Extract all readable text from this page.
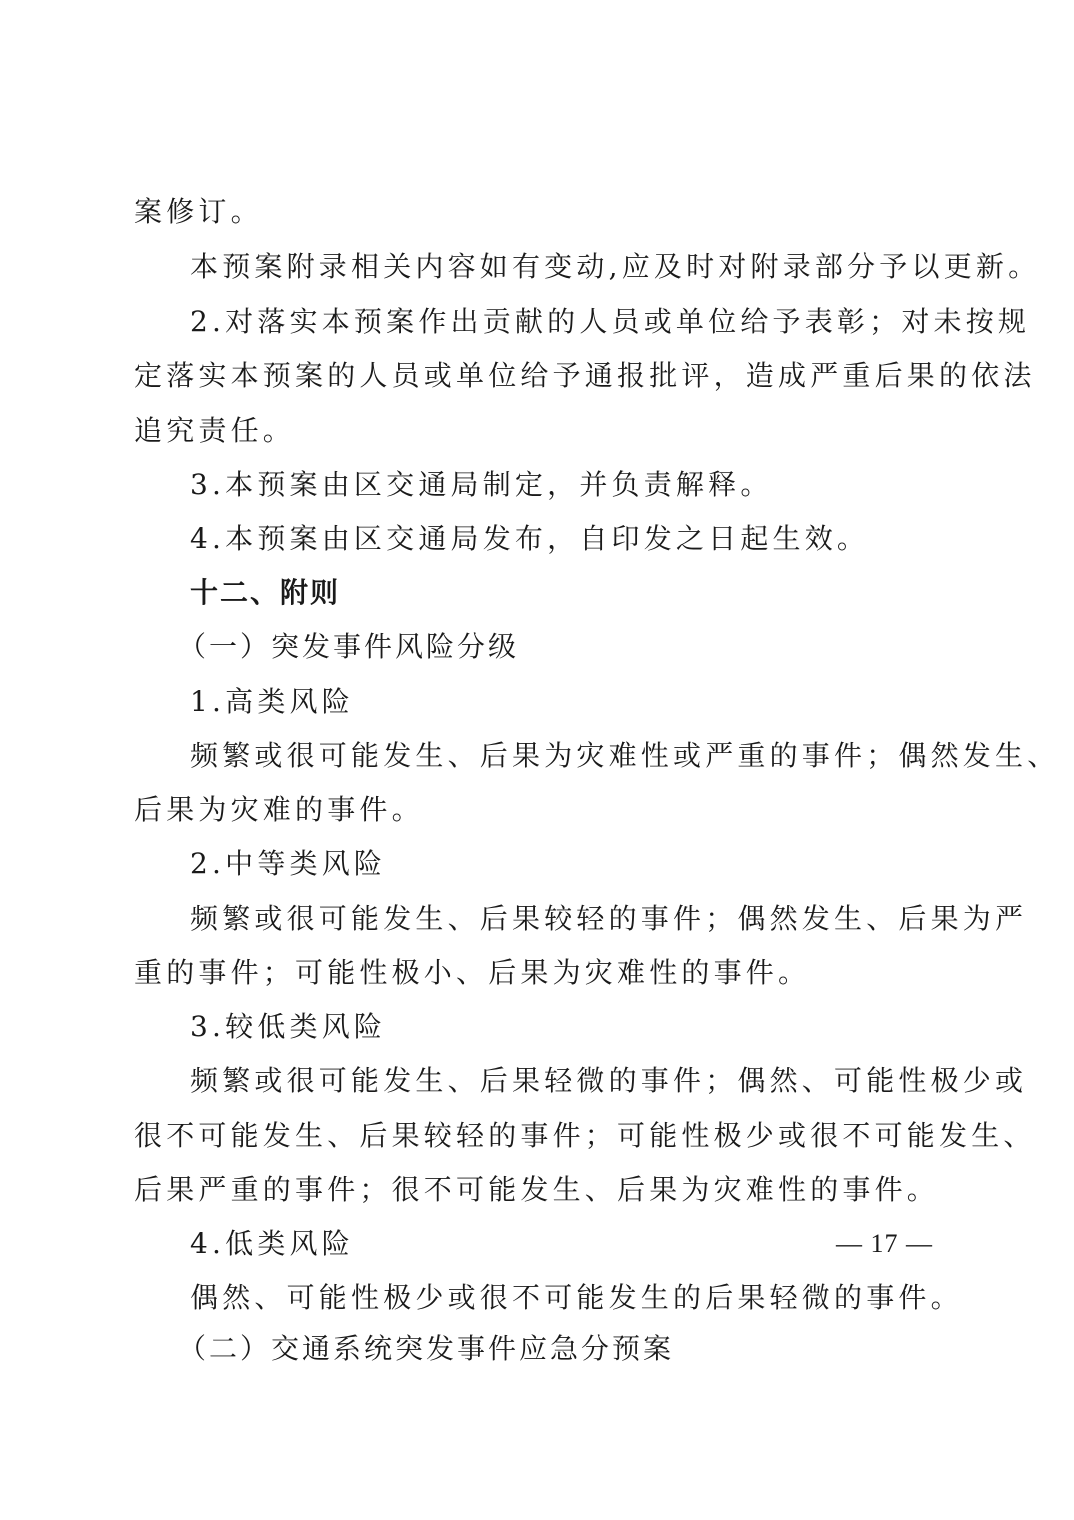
案修订。
本预案附录相关内容如有变动,应及时对附录部分予以更新。
2.对落实本预案作出贡献的人员或单位给予表彰；对未按规
定落实本预案的人员或单位给予通报批评，造成严重后果的依法
追究责任。
3.本预案由区交通局制定，并负责解释。
4.本预案由区交通局发布，自印发之日起生效。
十二、附则
（一）突发事件风险分级
1.高类风险
频繁或很可能发生、后果为灾难性或严重的事件；偶然发生、
后果为灾难的事件。
2.中等类风险
频繁或很可能发生、后果较轻的事件；偶然发生、后果为严
重的事件；可能性极小、后果为灾难性的事件。
3.较低类风险
频繁或很可能发生、后果轻微的事件；偶然、可能性极少或
很不可能发生、后果较轻的事件；可能性极少或很不可能发生、
后果严重的事件；很不可能发生、后果为灾难性的事件。
4.低类风险
偶然、可能性极少或很不可能发生的后果轻微的事件。
（二）交通系统突发事件应急分预案
— 17 —
